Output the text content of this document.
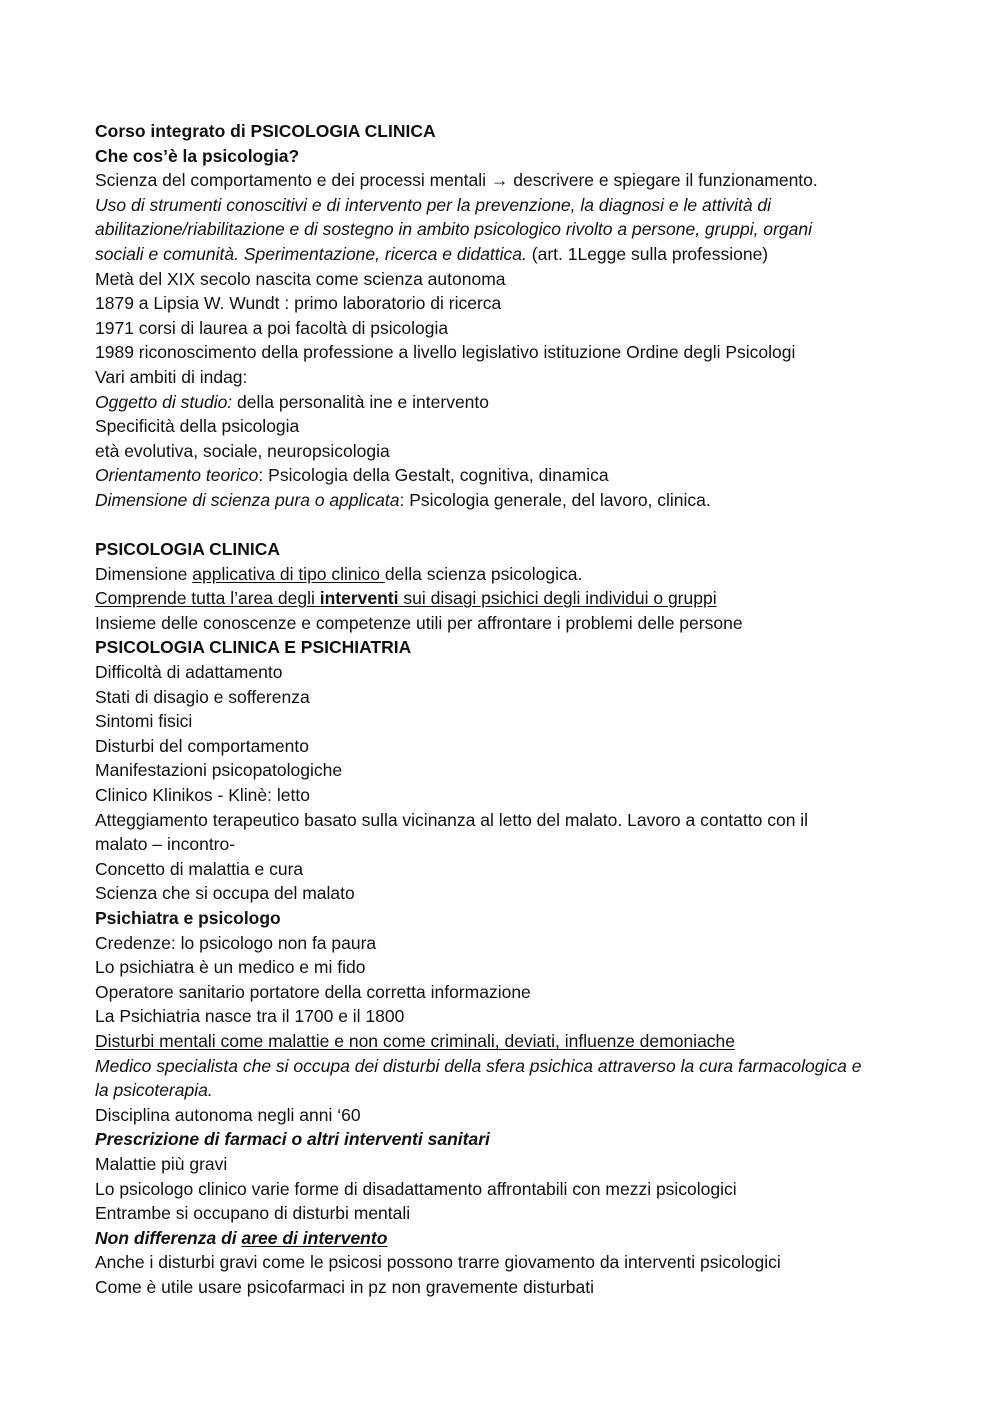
Corso integrato di PSICOLOGIA CLINICA
Che cos’è la psicologia?
Scienza del comportamento e dei processi mentali → descrivere e spiegare il funzionamento.
Uso di strumenti conoscitivi e di intervento per la prevenzione, la diagnosi e le attività di
abilitazione/riabilitazione e di sostegno in ambito psicologico rivolto a persone, gruppi, organi
sociali e comunità. Sperimentazione, ricerca e didattica. (art. 1Legge sulla professione)
Metà del XIX secolo nascita come scienza autonoma
1879 a Lipsia W. Wundt : primo laboratorio di ricerca
1971 corsi di laurea a poi facoltà di psicologia
1989 riconoscimento della professione a livello legislativo istituzione Ordine degli Psicologi
Vari ambiti di indag:
Oggetto di studio: della personalità ine e intervento
Specificità della psicologia
età evolutiva, sociale, neuropsicologia
Orientamento teorico: Psicologia della Gestalt, cognitiva, dinamica
Dimensione di scienza pura o applicata: Psicologia generale, del lavoro, clinica.
PSICOLOGIA CLINICA
Dimensione applicativa di tipo clinico della scienza psicologica.
Comprende tutta l’area degli interventi sui disagi psichici degli individui o gruppi
Insieme delle conoscenze e competenze utili per affrontare i problemi delle persone
PSICOLOGIA CLINICA E PSICHIATRIA
Difficoltà di adattamento
Stati di disagio e sofferenza
Sintomi fisici
Disturbi del comportamento
Manifestazioni psicopatologiche
Clinico Klinikos - Klinè: letto
Atteggiamento terapeutico basato sulla vicinanza al letto del malato. Lavoro a contatto con il
malato – incontro-
Concetto di malattia e cura
Scienza che si occupa del malato
Psichiatra e psicologo
Credenze: lo psicologo non fa paura
Lo psichiatra è un medico e mi fido
Operatore sanitario portatore della corretta informazione
La Psichiatria nasce tra il 1700 e il 1800
Disturbi mentali come malattie e non come criminali, deviati, influenze demoniache
Medico specialista che si occupa dei disturbi della sfera psichica attraverso la cura farmacologica e
la psicoterapia.
Disciplina autonoma negli anni ‘60
Prescrizione di farmaci o altri interventi sanitari
Malattie più gravi
Lo psicologo clinico varie forme di disadattamento affrontabili con mezzi psicologici
Entrambe si occupano di disturbi mentali
Non differenza di aree di intervento
Anche i disturbi gravi come le psicosi possono trarre giovamento da interventi psicologici
Come è utile usare psicofarmaci in pz non gravemente disturbati
